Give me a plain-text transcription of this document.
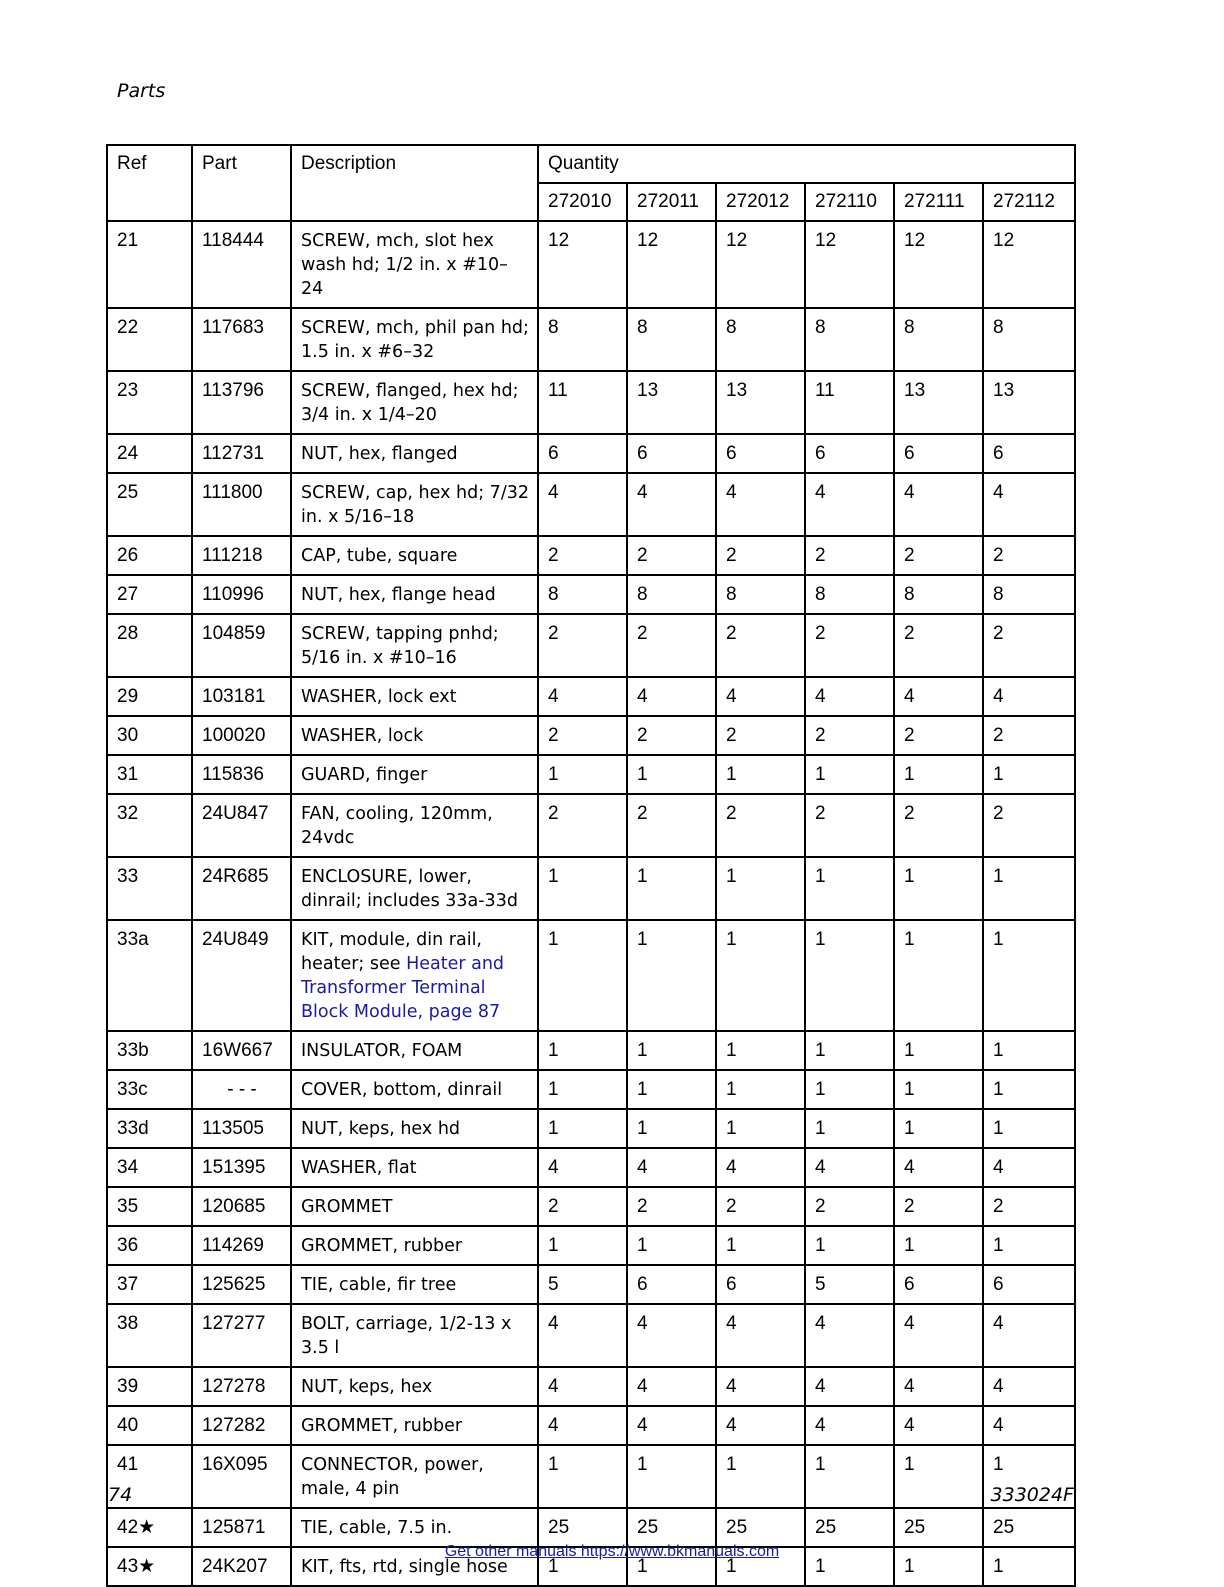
Parts
Ref	Part	Description	Quantity					
			272010	272011	272012	272110	272111	272112
21	118444	SCREW, mch, slot hex wash hd; 1/2 in. x #10–24	12	12	12	12	12	12
22	117683	SCREW, mch, phil pan hd; 1.5 in. x #6–32	8	8	8	8	8	8
23	113796	SCREW, flanged, hex hd; 3/4 in. x 1/4–20	11	13	13	11	13	13
24	112731	NUT, hex, flanged	6	6	6	6	6	6
25	111800	SCREW, cap, hex hd; 7/32 in. x 5/16–18	4	4	4	4	4	4
26	111218	CAP, tube, square	2	2	2	2	2	2
27	110996	NUT, hex, flange head	8	8	8	8	8	8
28	104859	SCREW, tapping pnhd; 5/16 in. x #10–16	2	2	2	2	2	2
29	103181	WASHER, lock ext	4	4	4	4	4	4
30	100020	WASHER, lock	2	2	2	2	2	2
31	115836	GUARD, finger	1	1	1	1	1	1
32	24U847	FAN, cooling, 120mm, 24vdc	2	2	2	2	2	2
33	24R685	ENCLOSURE, lower, dinrail; includes 33a-33d	1	1	1	1	1	1
33a	24U849	KIT, module, din rail, heater; see Heater and Transformer Terminal Block Module, page 87	1	1	1	1	1	1
33b	16W667	INSULATOR, FOAM	1	1	1	1	1	1
33c	- - -	COVER, bottom, dinrail	1	1	1	1	1	1
33d	113505	NUT, keps, hex hd	1	1	1	1	1	1
34	151395	WASHER, flat	4	4	4	4	4	4
35	120685	GROMMET	2	2	2	2	2	2
36	114269	GROMMET, rubber	1	1	1	1	1	1
37	125625	TIE, cable, fir tree	5	6	6	5	6	6
38	127277	BOLT, carriage, 1/2-13 x 3.5 l	4	4	4	4	4	4
39	127278	NUT, keps, hex	4	4	4	4	4	4
40	127282	GROMMET, rubber	4	4	4	4	4	4
41	16X095	CONNECTOR, power, male, 4 pin	1	1	1	1	1	1
42★	125871	TIE, cable, 7.5 in.	25	25	25	25	25	25
43★	24K207	KIT, fts, rtd, single hose	1	1	1	1	1	1
74	333024F
Get other manuals https://www.bkmanuals.com
